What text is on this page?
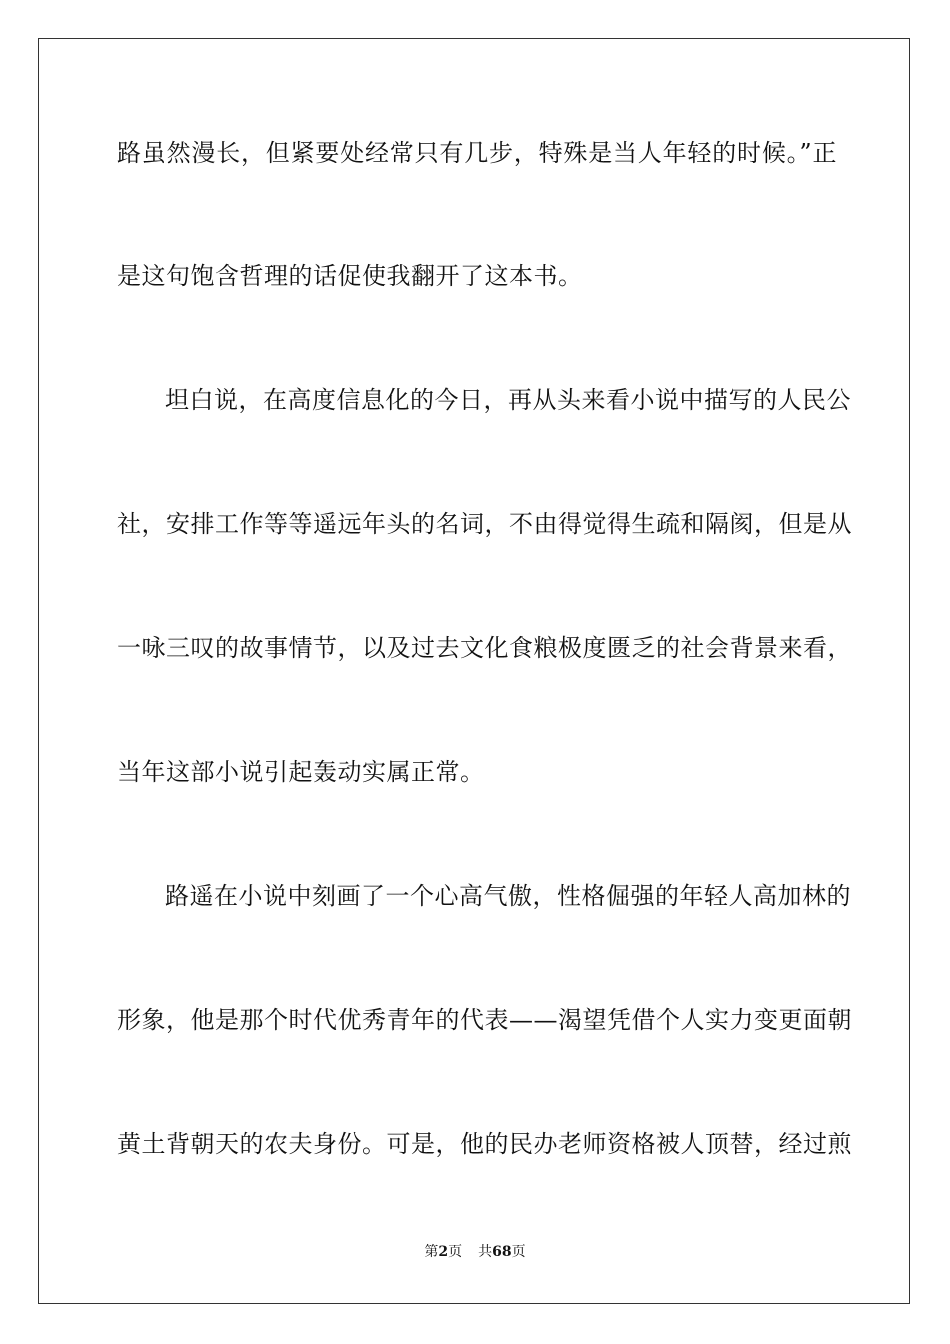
路虽然漫长，但紧要处经常只有几步，特殊是当人年轻的时候。”正
是这句饱含哲理的话促使我翻开了这本书。
坦白说，在高度信息化的今日，再从头来看小说中描写的人民公
社，安排工作等等遥远年头的名词，不由得觉得生疏和隔阂，但是从
一咏三叹的故事情节，以及过去文化食粮极度匮乏的社会背景来看，
当年这部小说引起轰动实属正常。
路遥在小说中刻画了一个心高气傲，性格倔强的年轻人高加林的
形象，他是那个时代优秀青年的代表——渴望凭借个人实力变更面朝
黄土背朝天的农夫身份。可是，他的民办老师资格被人顶替，经过煎
第2页 共68页
